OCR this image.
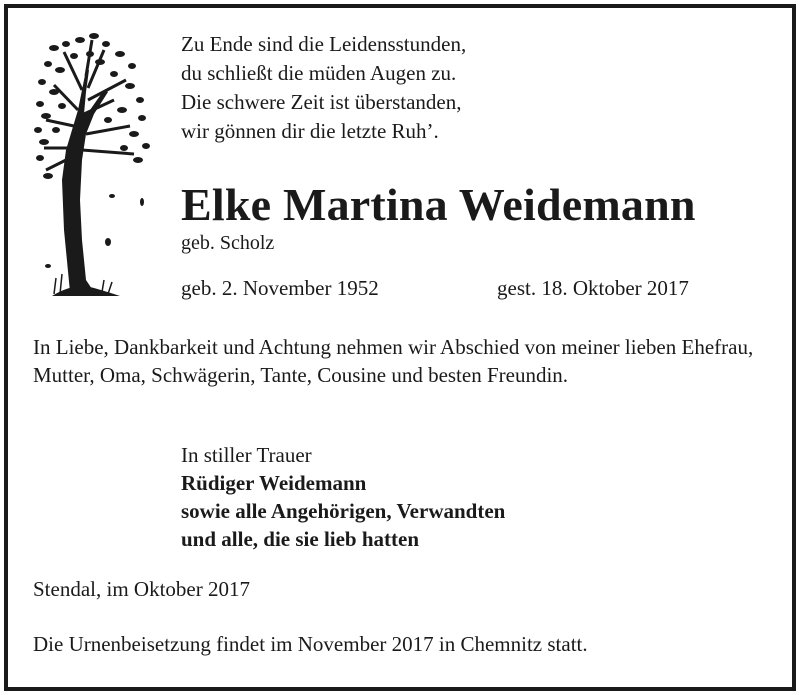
Zu Ende sind die Leidensstunden,
du schließt die müden Augen zu.
Die schwere Zeit ist überstanden,
wir gönnen dir die letzte Ruh’.
Elke Martina Weidemann
geb. Scholz
geb. 2. November 1952	gest. 18. Oktober 2017
In Liebe, Dankbarkeit und Achtung nehmen wir Abschied von meiner lieben Ehefrau, Mutter, Oma, Schwägerin, Tante, Cousine und besten Freundin.
In stiller Trauer
Rüdiger Weidemann
sowie alle Angehörigen, Verwandten
und alle, die sie lieb hatten
Stendal, im Oktober 2017
Die Urnenbeisetzung findet im November 2017 in Chemnitz statt.
